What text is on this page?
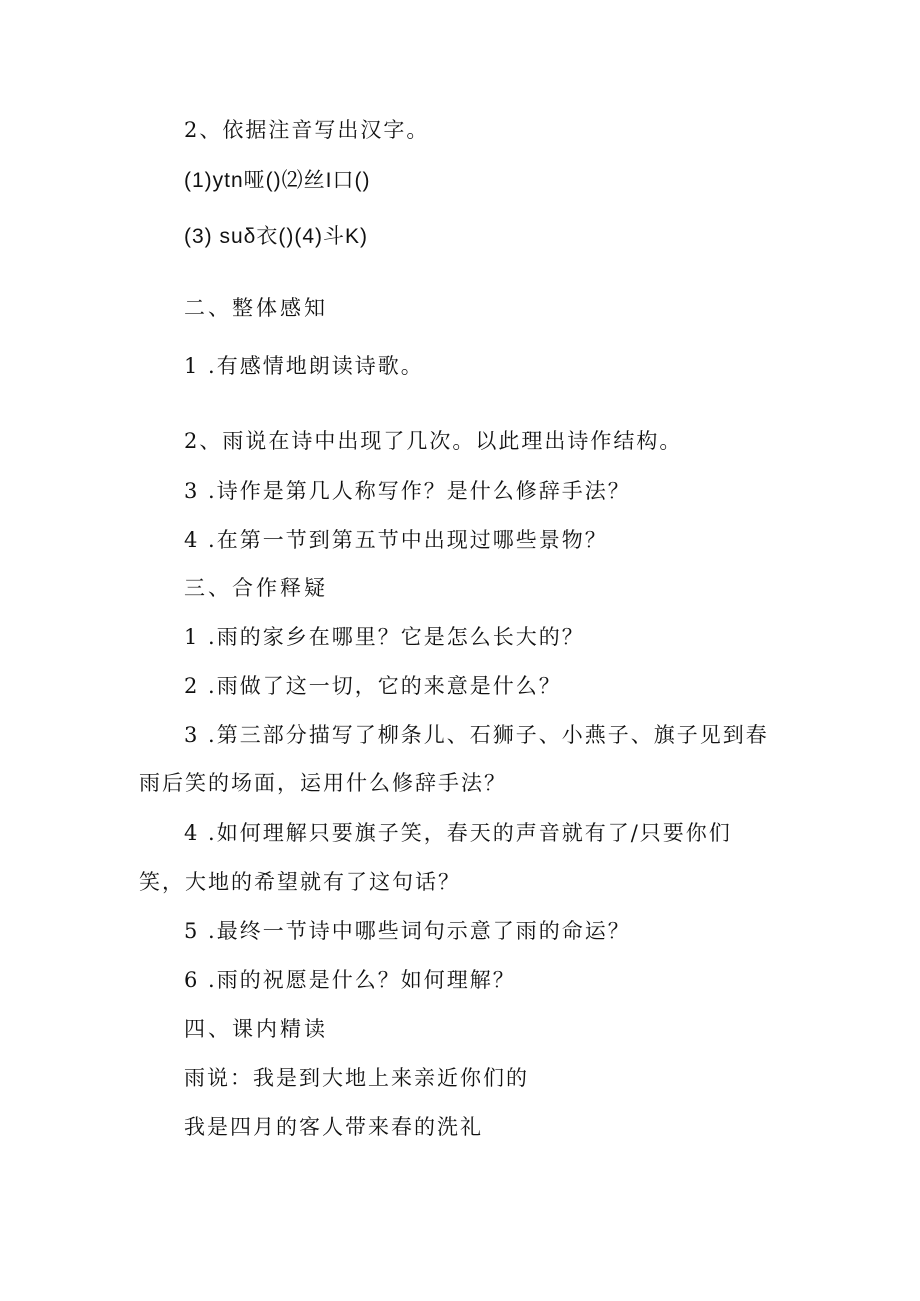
2、依据注音写出汉字。
(1)ytn哑()⑵丝I口()
(3) suδ衣()(4)斗K)
二、整体感知
1 .有感情地朗读诗歌。
2、雨说在诗中出现了几次。以此理出诗作结构。
3 .诗作是第几人称写作？是什么修辞手法？
4 .在第一节到第五节中出现过哪些景物？
三、合作释疑
1 .雨的家乡在哪里？它是怎么长大的？
2 .雨做了这一切，它的来意是什么？
3 .第三部分描写了柳条儿、石狮子、小燕子、旗子见到春
雨后笑的场面，运用什么修辞手法？
4 .如何理解只要旗子笑，春天的声音就有了/只要你们
笑，大地的希望就有了这句话？
5 .最终一节诗中哪些词句示意了雨的命运？
6 .雨的祝愿是什么？如何理解？
四、课内精读
雨说：我是到大地上来亲近你们的
我是四月的客人带来春的洗礼
